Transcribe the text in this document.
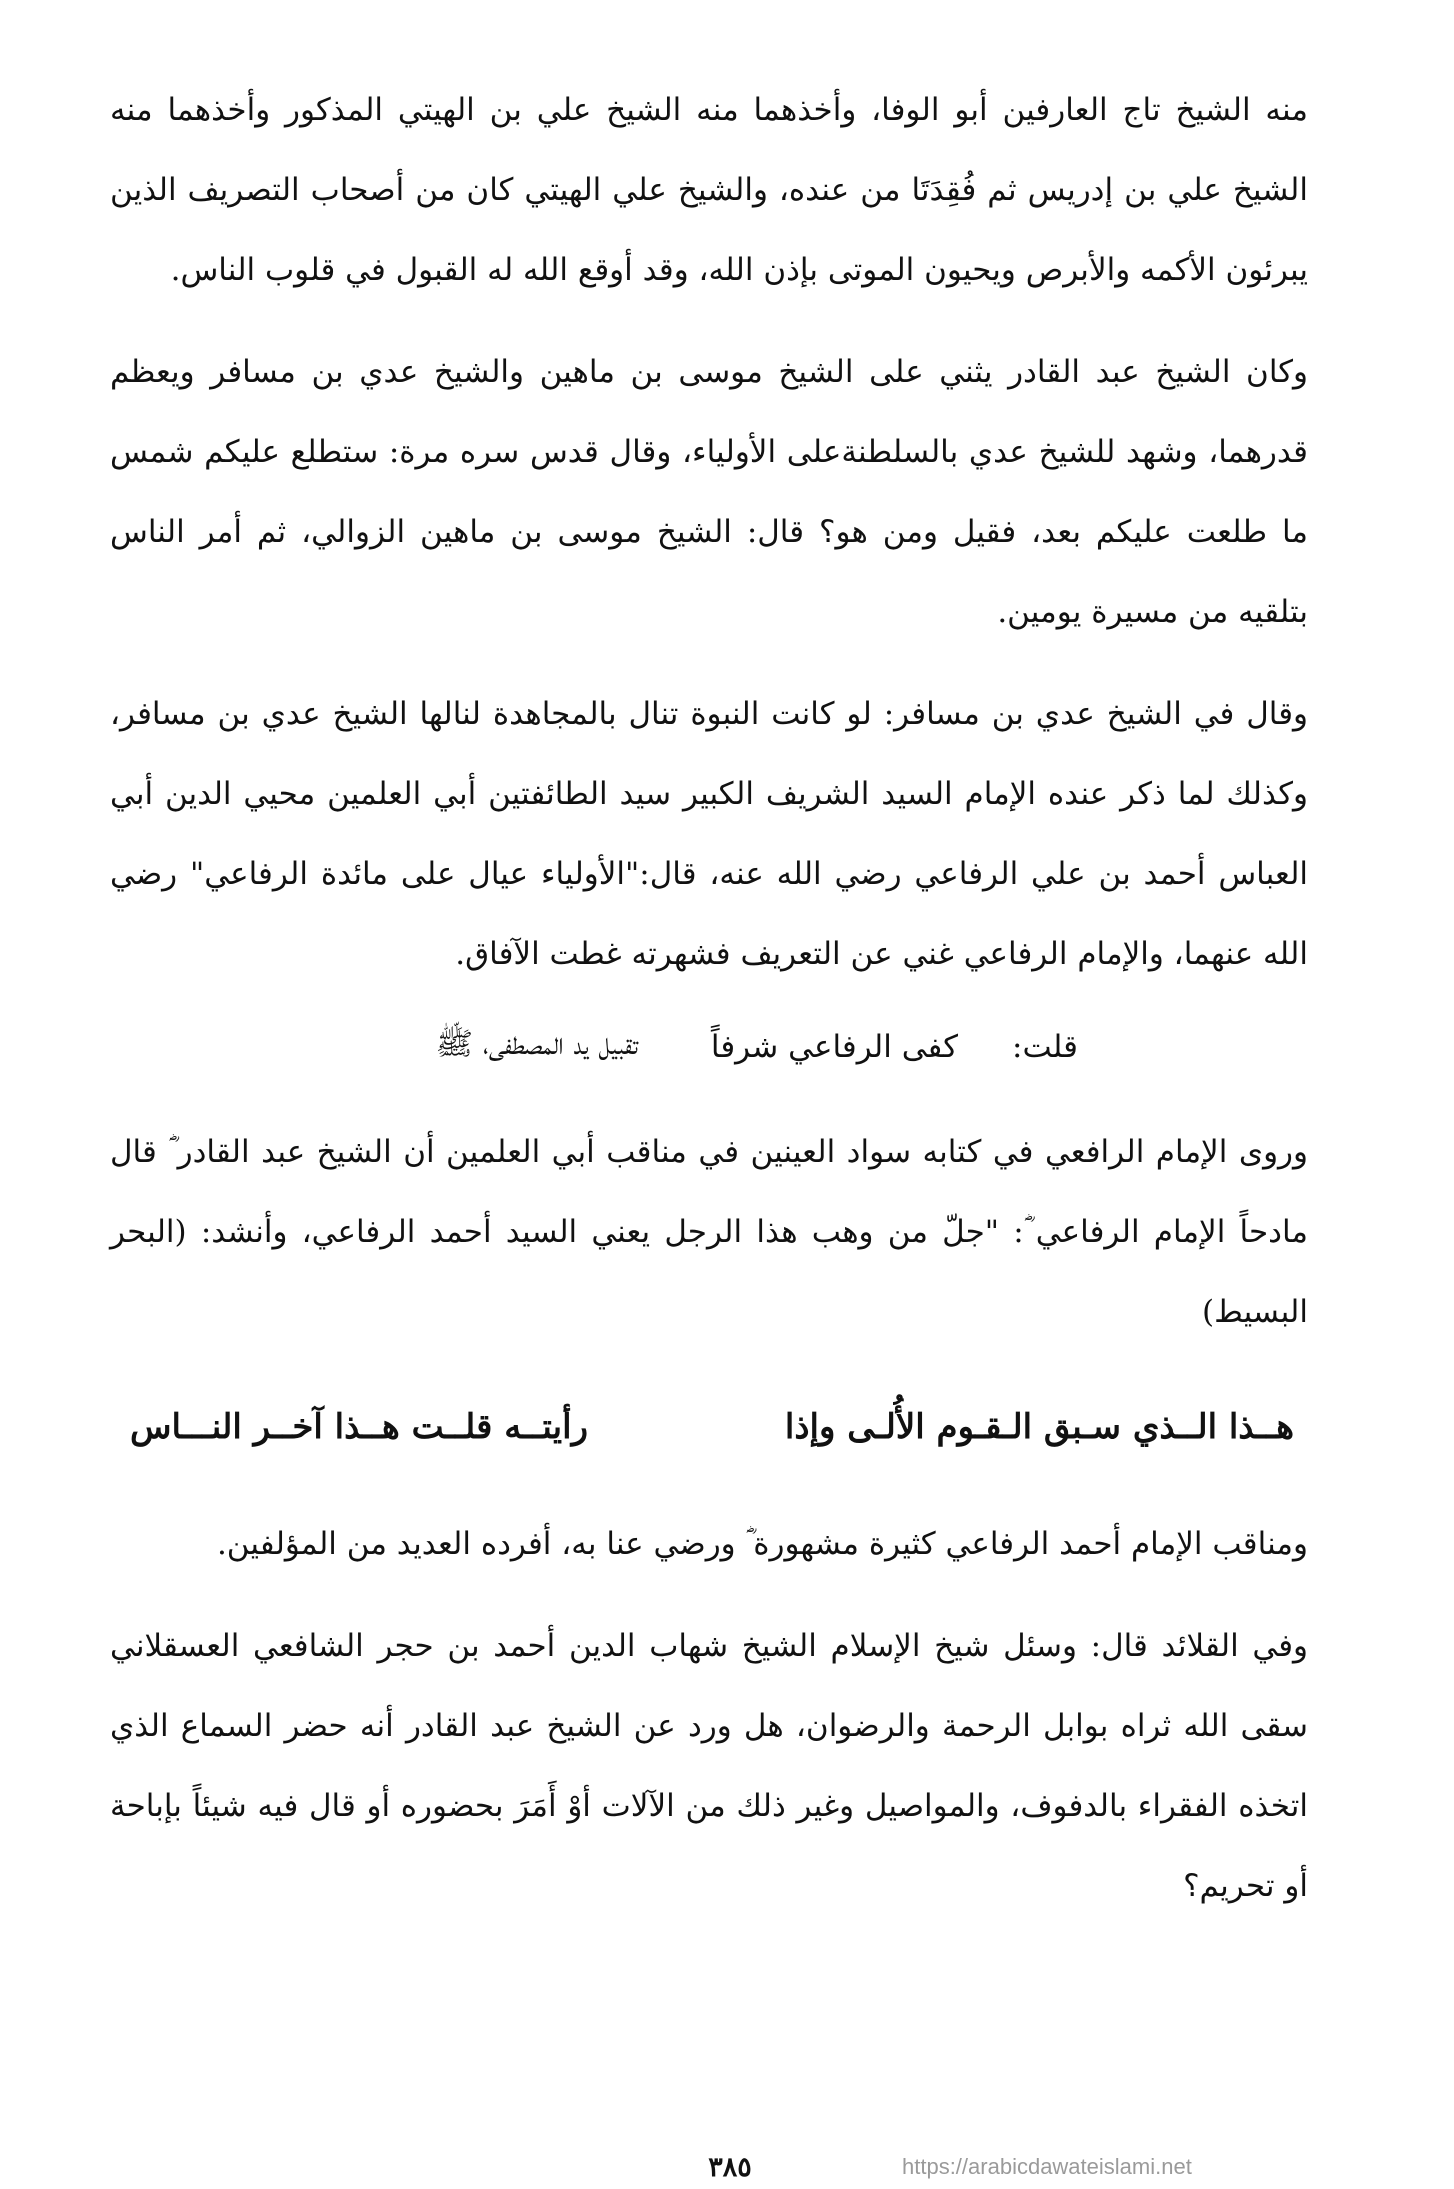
منه الشيخ تاج العارفين أبو الوفا، وأخذهما منه الشيخ علي بن الهيتي المذكور وأخذهما منه الشيخ علي بن إدريس ثم فُقِدَتَا من عنده، والشيخ علي الهيتي كان من أصحاب التصريف الذين يبرئون الأكمه والأبرص ويحيون الموتى بإذن الله، وقد أوقع الله له القبول في قلوب الناس.

وكان الشيخ عبد القادر يثني على الشيخ موسى بن ماهين والشيخ عدي بن مسافر ويعظم قدرهما، وشهد للشيخ عدي بالسلطنةعلى الأولياء، وقال قدس سره مرة: ستطلع عليكم شمس ما طلعت عليكم بعد، فقيل ومن هو؟ قال: الشيخ موسى بن ماهين الزوالي، ثم أمر الناس بتلقيه من مسيرة يومين.

وقال في الشيخ عدي بن مسافر: لو كانت النبوة تنال بالمجاهدة لنالها الشيخ عدي بن مسافر، وكذلك لما ذكر عنده الإمام السيد الشريف الكبير سيد الطائفتين أبي العلمين محيي الدين أبي العباس أحمد بن علي الرفاعي رضي الله عنه، قال:"الأولياء عيال على مائدة الرفاعي" رضي الله عنهما، والإمام الرفاعي غني عن التعريف فشهرته غطت الآفاق.

قلت:
كفى الرفاعي شرفاً
تقبيل يد المصطفى، ﷺ

وروى الإمام الرافعي في كتابه سواد العينين في مناقب أبي العلمين أن الشيخ عبد القادر ؓ قال مادحاً الإمام الرفاعي ؓ: "جلّ من وهب هذا الرجل يعني السيد أحمد الرفاعي، وأنشد: (البحر البسيط)

هــذا الــذي سـبق الـقـوم الأُلـى وإذا
رأيتــه قلــت هــذا آخــر النـــاس

ومناقب الإمام أحمد الرفاعي كثيرة مشهورة ؓ ورضي عنا به، أفرده العديد من المؤلفين.

وفي القلائد قال: وسئل شيخ الإسلام الشيخ شهاب الدين أحمد بن حجر الشافعي العسقلاني سقى الله ثراه بوابل الرحمة والرضوان، هل ورد عن الشيخ عبد القادر أنه حضر السماع الذي اتخذه الفقراء بالدفوف، والمواصيل وغير ذلك من الآلات أوْ أَمَرَ بحضوره أو قال فيه شيئاً بإباحة أو تحريم؟

٣٨٥	https://arabicdawateislami.net
